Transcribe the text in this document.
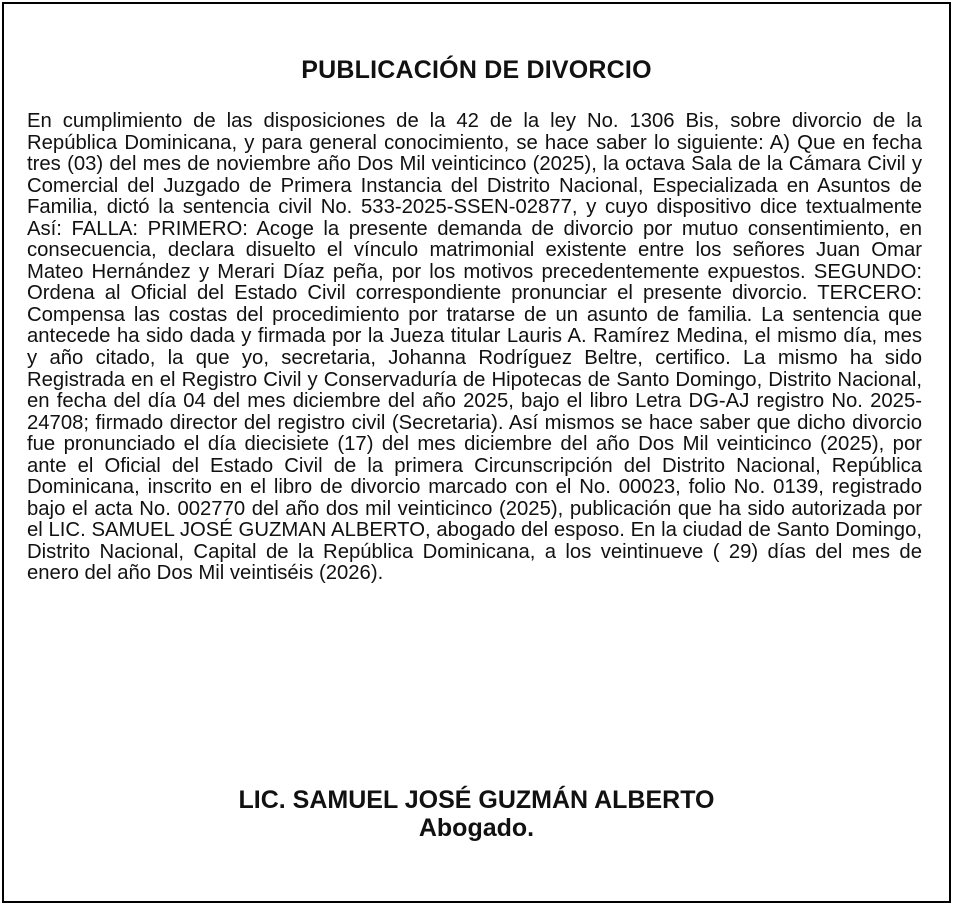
PUBLICACIÓN DE DIVORCIO
En cumplimiento de las disposiciones de la 42 de la ley No. 1306 Bis, sobre divorcio de la República Dominicana, y para general conocimiento, se hace saber lo siguiente: A) Que en fecha tres (03) del mes de noviembre año Dos Mil veinticinco (2025), la octava Sala de la Cámara Civil y Comercial del Juzgado de Primera Instancia del Distrito Nacional, Especializada en Asuntos de Familia, dictó la sentencia civil No. 533-2025-SSEN-02877, y cuyo dispositivo dice textualmente Así: FALLA: PRIMERO: Acoge la presente demanda de divorcio por mutuo consentimiento, en consecuencia, declara disuelto el vínculo matrimonial existente entre los señores Juan Omar Mateo Hernández y Merari Díaz peña, por los motivos precedentemente expuestos. SEGUNDO: Ordena al Oficial del Estado Civil correspondiente pronunciar el presente divorcio. TERCERO: Compensa las costas del procedimiento por tratarse de un asunto de familia. La sentencia que antecede ha sido dada y firmada por la Jueza titular Lauris A. Ramírez Medina, el mismo día, mes y año citado, la que yo, secretaria, Johanna Rodríguez Beltre, certifico. La mismo ha sido Registrada en el Registro Civil y Conservaduría de Hipotecas de Santo Domingo, Distrito Nacional, en fecha del día 04 del mes diciembre del año 2025, bajo el libro Letra DG-AJ registro No. 2025-24708; firmado director del registro civil (Secretaria). Así mismos se hace saber que dicho divorcio fue pronunciado el día diecisiete (17) del mes diciembre del año Dos Mil veinticinco (2025), por ante el Oficial del Estado Civil de la primera Circunscripción del Distrito Nacional, República Dominicana, inscrito en el libro de divorcio marcado con el No. 00023, folio No. 0139, registrado bajo el acta No. 002770 del año dos mil veinticinco (2025), publicación que ha sido autorizada por el LIC. SAMUEL JOSÉ GUZMAN ALBERTO, abogado del esposo. En la ciudad de Santo Domingo, Distrito Nacional, Capital de la República Dominicana, a los veintinueve ( 29) días del mes de enero del año Dos Mil veintiséis (2026).
LIC. SAMUEL JOSÉ GUZMÁN ALBERTO
Abogado.
